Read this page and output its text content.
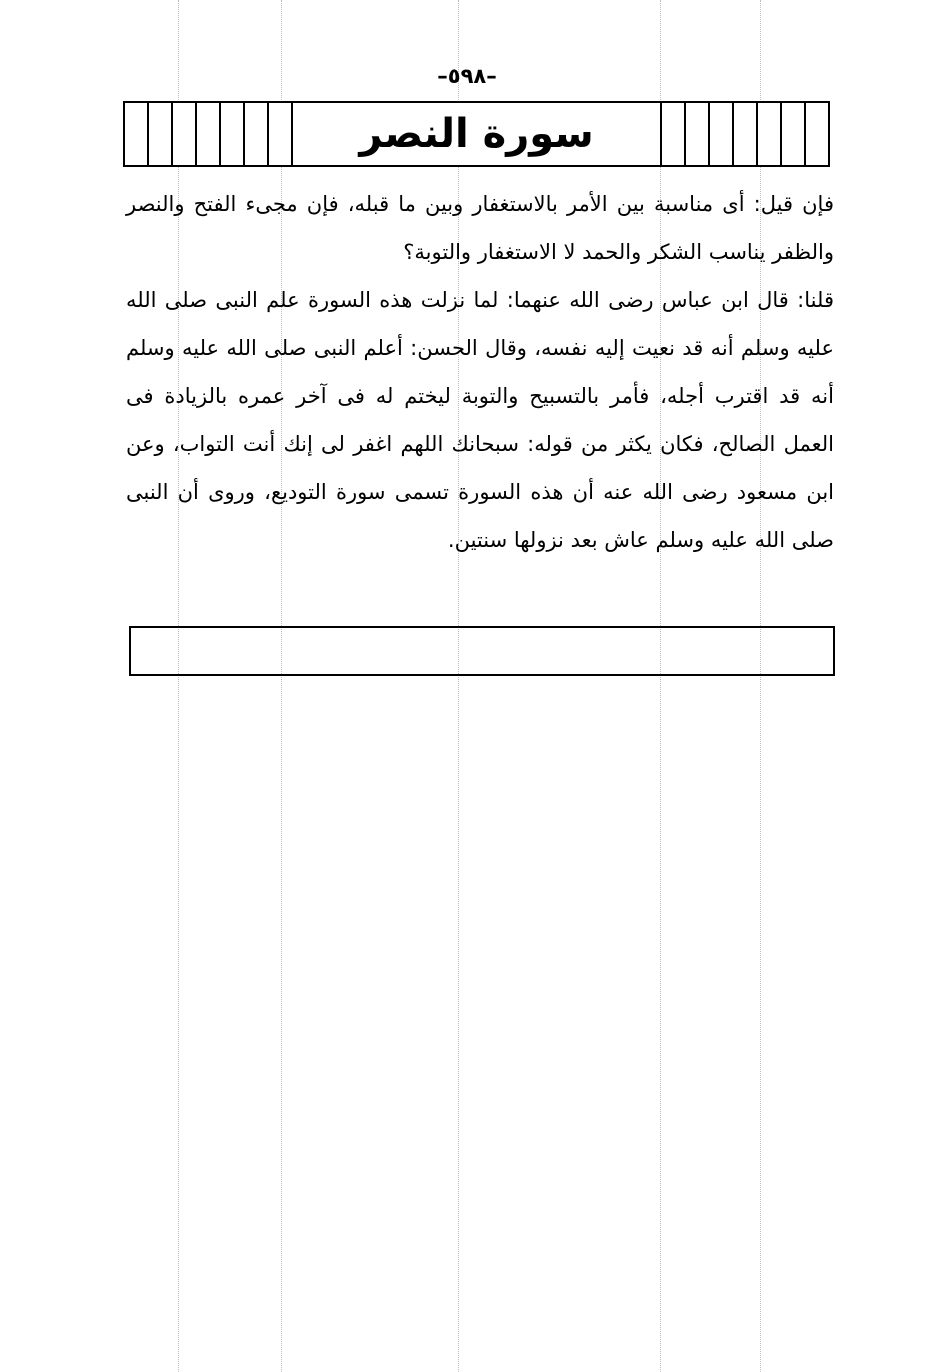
–٥٩٨–
سورة النصر

فإن قيل: أى مناسبة بين الأمر بالاستغفار وبين ما قبله، فإن مجىء الفتح والنصر والظفر يناسب الشكر والحمد لا الاستغفار والتوبة؟

قلنا: قال ابن عباس رضى الله عنهما: لما نزلت هذه السورة علم النبى صلى الله عليه وسلم أنه قد نعيت إليه نفسه، وقال الحسن: أعلم النبى صلى الله عليه وسلم أنه قد اقترب أجله، فأمر بالتسبيح والتوبة ليختم له فى آخر عمره بالزيادة فى العمل الصالح، فكان يكثر من قوله: سبحانك اللهم اغفر لى إنك أنت التواب، وعن ابن مسعود رضى الله عنه أن هذه السورة تسمى سورة التوديع، وروى أن النبى صلى الله عليه وسلم عاش بعد نزولها سنتين.
